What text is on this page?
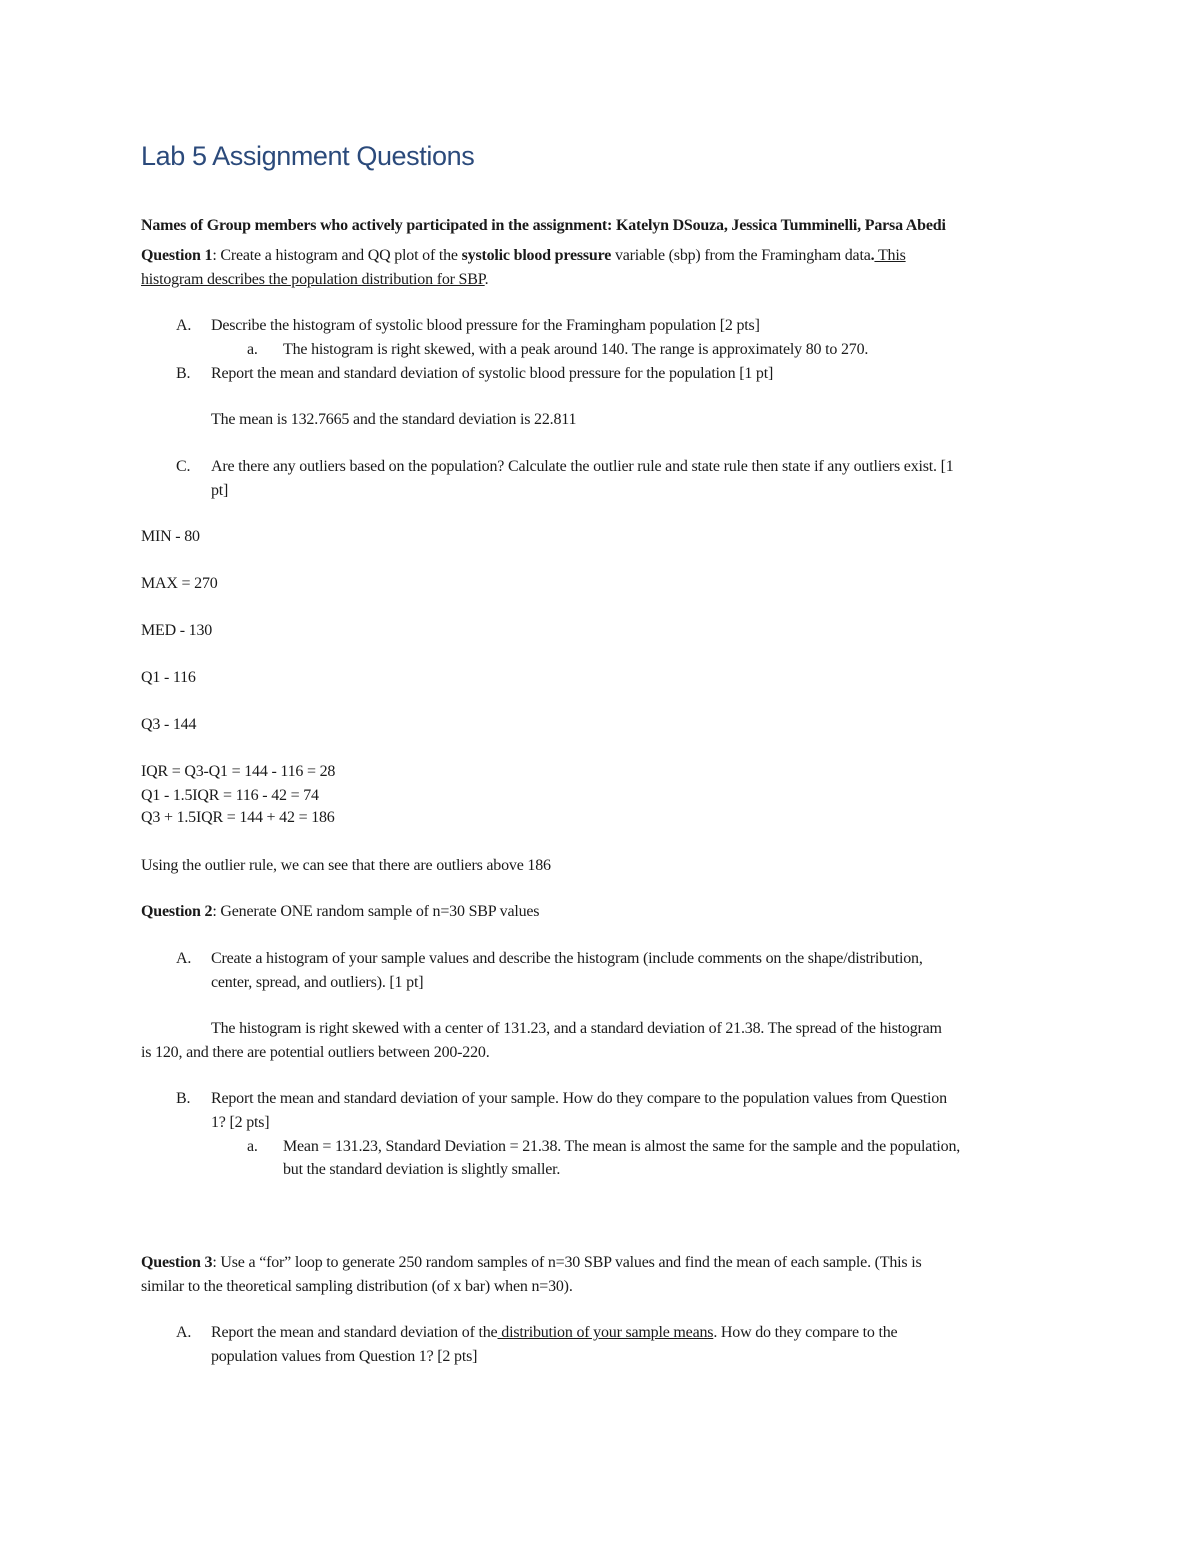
Lab 5 Assignment Questions
Names of Group members who actively participated in the assignment: Katelyn DSouza, Jessica Tumminelli, Parsa Abedi
Question 1: Create a histogram and QQ plot of the systolic blood pressure variable (sbp) from the Framingham data. This
histogram describes the population distribution for SBP.
A. Describe the histogram of systolic blood pressure for the Framingham population [2 pts]
a. The histogram is right skewed, with a peak around 140. The range is approximately 80 to 270.
B. Report the mean and standard deviation of systolic blood pressure for the population [1 pt]
The mean is 132.7665 and the standard deviation is 22.811
C. Are there any outliers based on the population? Calculate the outlier rule and state rule then state if any outliers exist. [1
pt]
MIN - 80
MAX = 270
MED - 130
Q1 - 116
Q3 - 144
IQR = Q3-Q1 = 144 - 116 = 28
Q1 - 1.5IQR = 116 - 42 = 74
Q3 + 1.5IQR = 144 + 42 = 186
Using the outlier rule, we can see that there are outliers above 186
Question 2: Generate ONE random sample of n=30 SBP values
A. Create a histogram of your sample values and describe the histogram (include comments on the shape/distribution,
center, spread, and outliers). [1 pt]
The histogram is right skewed with a center of 131.23, and a standard deviation of 21.38. The spread of the histogram
is 120, and there are potential outliers between 200-220.
B. Report the mean and standard deviation of your sample. How do they compare to the population values from Question
1? [2 pts]
a. Mean = 131.23, Standard Deviation = 21.38. The mean is almost the same for the sample and the population,
but the standard deviation is slightly smaller.
Question 3: Use a “for” loop to generate 250 random samples of n=30 SBP values and find the mean of each sample. (This is
similar to the theoretical sampling distribution (of x bar) when n=30).
A. Report the mean and standard deviation of the distribution of your sample means. How do they compare to the
population values from Question 1? [2 pts]
